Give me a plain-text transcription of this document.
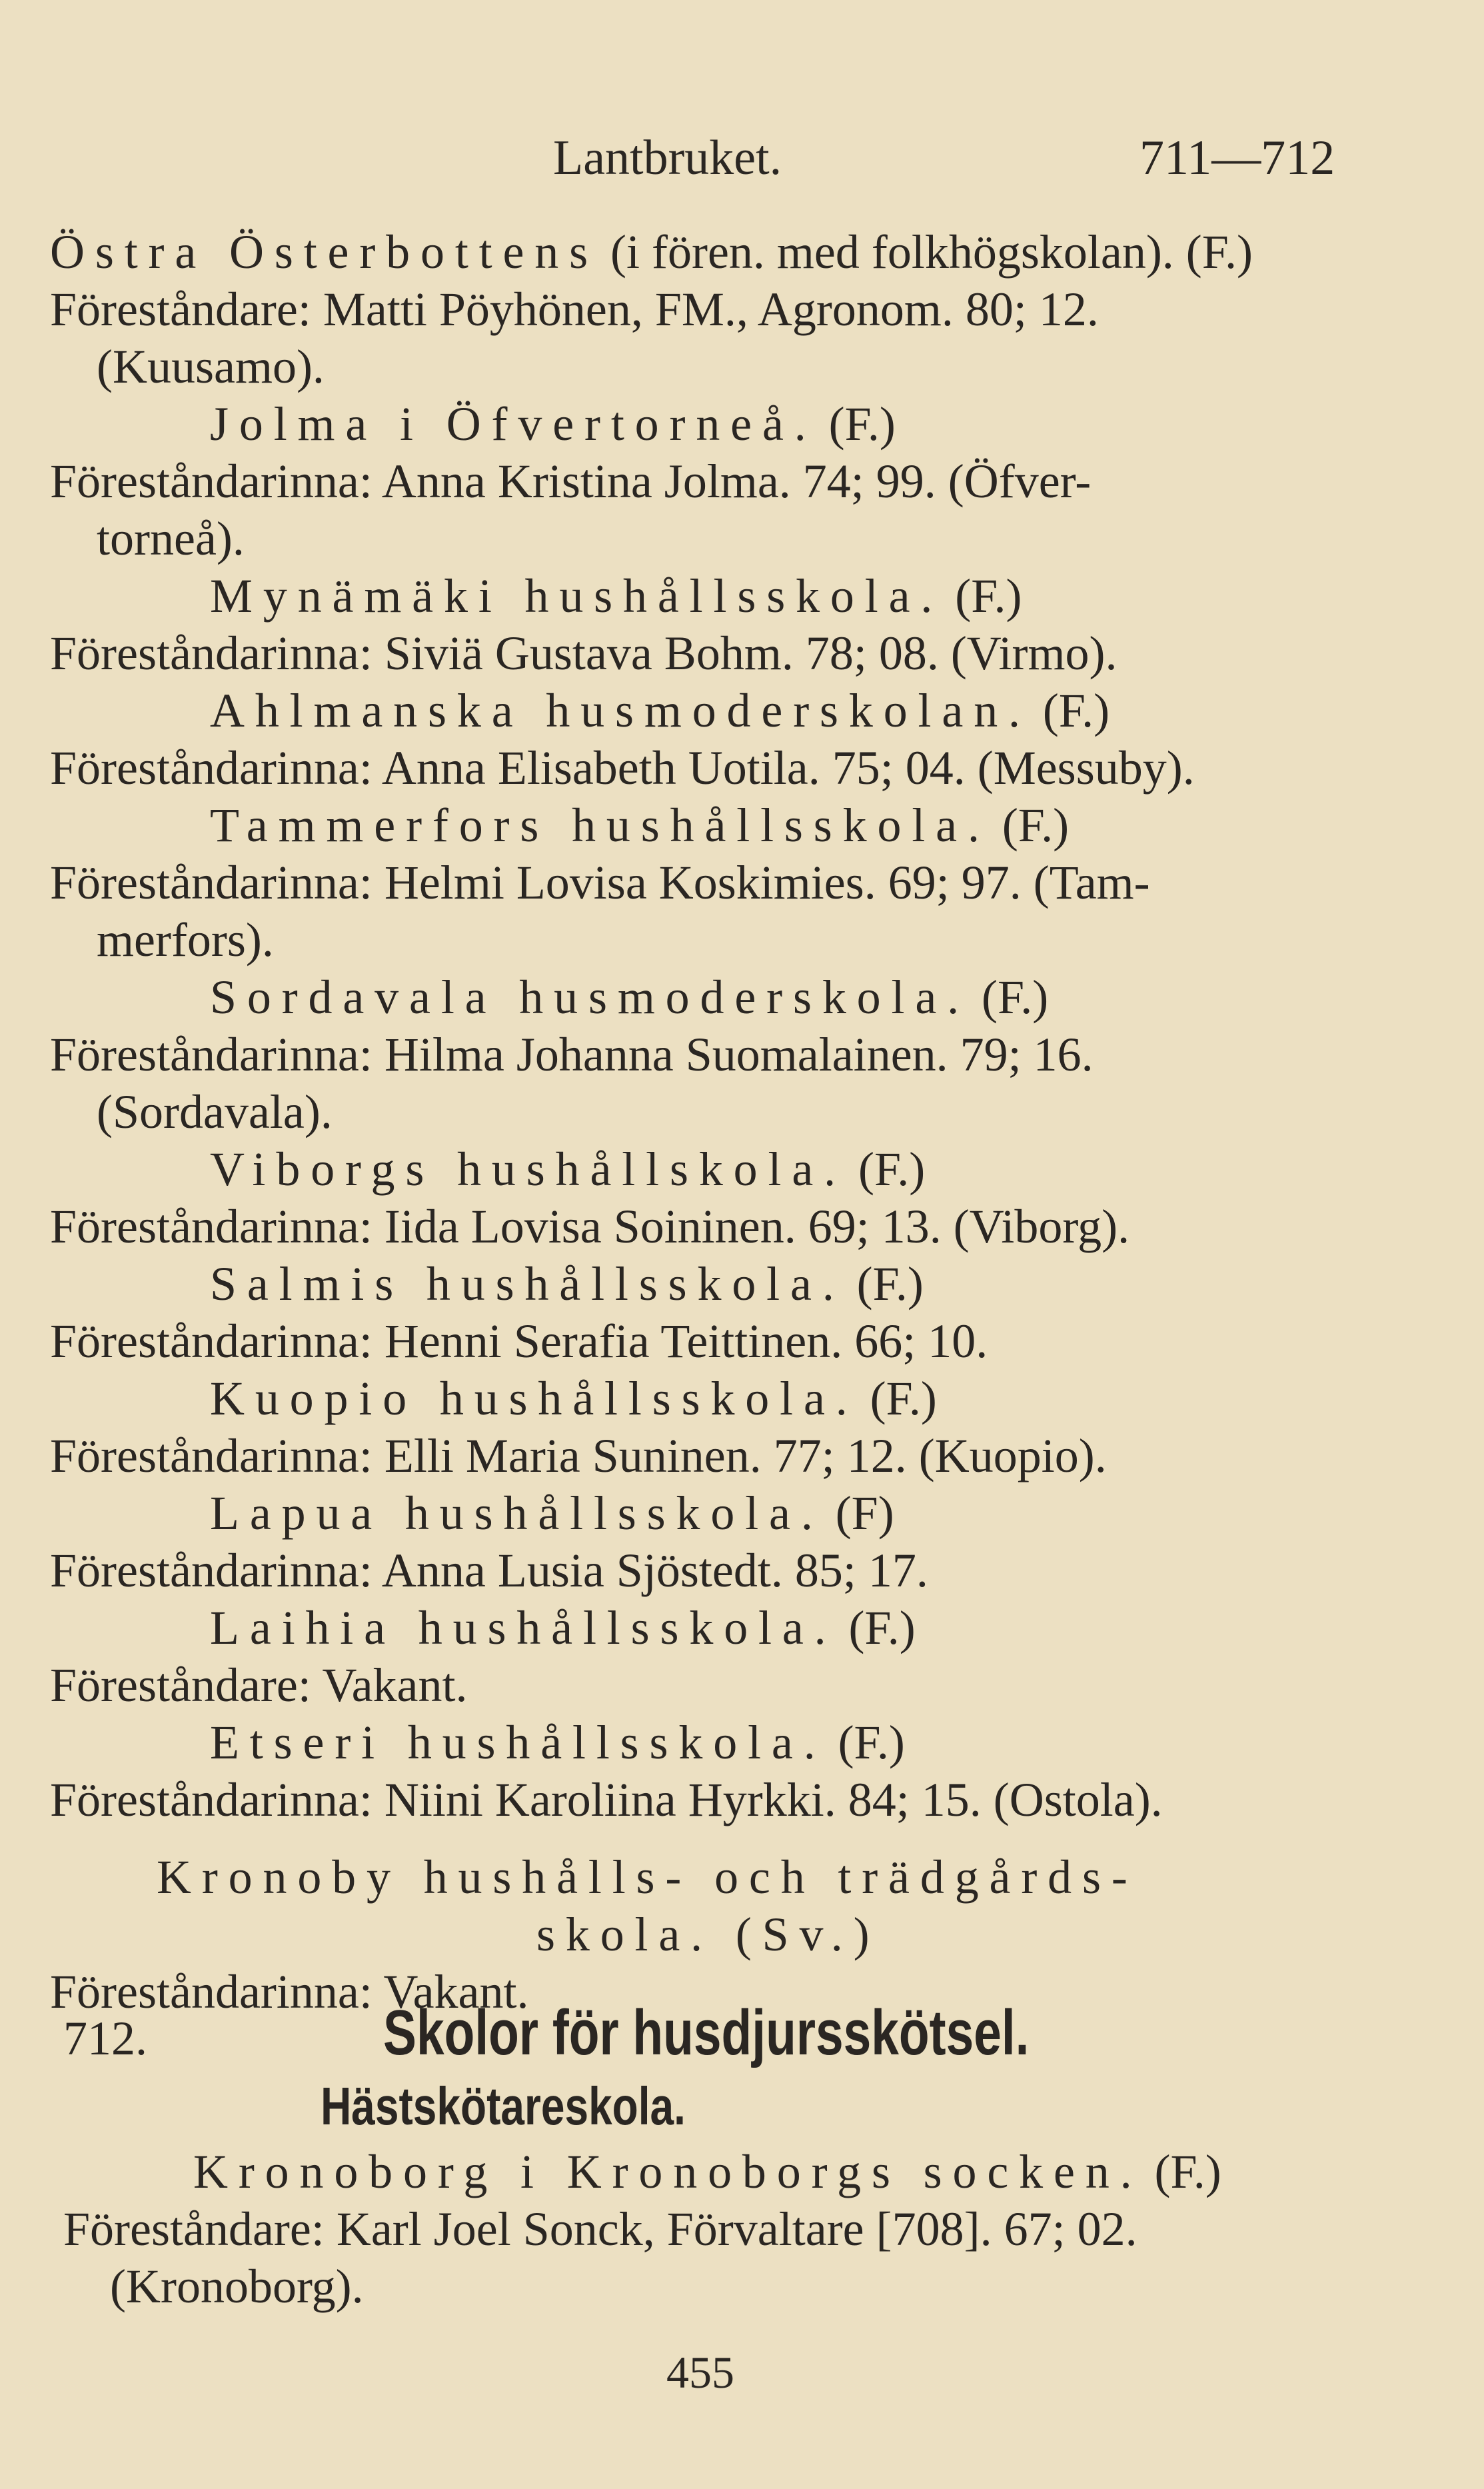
Lantbruket.	711—712
Östra Österbottens (i fören. med folkhögskolan). (F.)
Föreståndare: Matti Pöyhönen, FM., Agronom. 80; 12.
(Kuusamo).
Jolma i Öfvertorneå. (F.)
Föreståndarinna: Anna Kristina Jolma. 74; 99. (Öfver-
torneå).
Mynämäki hushållsskola. (F.)
Föreståndarinna: Siviä Gustava Bohm. 78; 08. (Virmo).
Ahlmanska husmoderskolan. (F.)
Föreståndarinna: Anna Elisabeth Uotila. 75; 04. (Messuby).
Tammerfors hushållsskola. (F.)
Föreståndarinna: Helmi Lovisa Koskimies. 69; 97. (Tam-
merfors).
Sordavala husmoderskola. (F.)
Föreståndarinna: Hilma Johanna Suomalainen. 79; 16.
(Sordavala).
Viborgs hushållskola. (F.)
Föreståndarinna: Iida Lovisa Soininen. 69; 13. (Viborg).
Salmis hushållsskola. (F.)
Föreståndarinna: Henni Serafia Teittinen. 66; 10.
Kuopio hushållsskola. (F.)
Föreståndarinna: Elli Maria Suninen. 77; 12. (Kuopio).
Lapua hushållsskola. (F)
Föreståndarinna: Anna Lusia Sjöstedt. 85; 17.
Laihia hushållsskola. (F.)
Föreståndare: Vakant.
Etseri hushållsskola. (F.)
Föreståndarinna: Niini Karoliina Hyrkki. 84; 15. (Ostola).
Kronoby hushålls- och trädgårds-
skola. (Sv.)
Föreståndarinna: Vakant.
712.	Skolor för husdjursskötsel.
Hästskötareskola.
Kronoborg i Kronoborgs socken. (F.)
Föreståndare: Karl Joel Sonck, Förvaltare [708]. 67; 02.
(Kronoborg).
455
